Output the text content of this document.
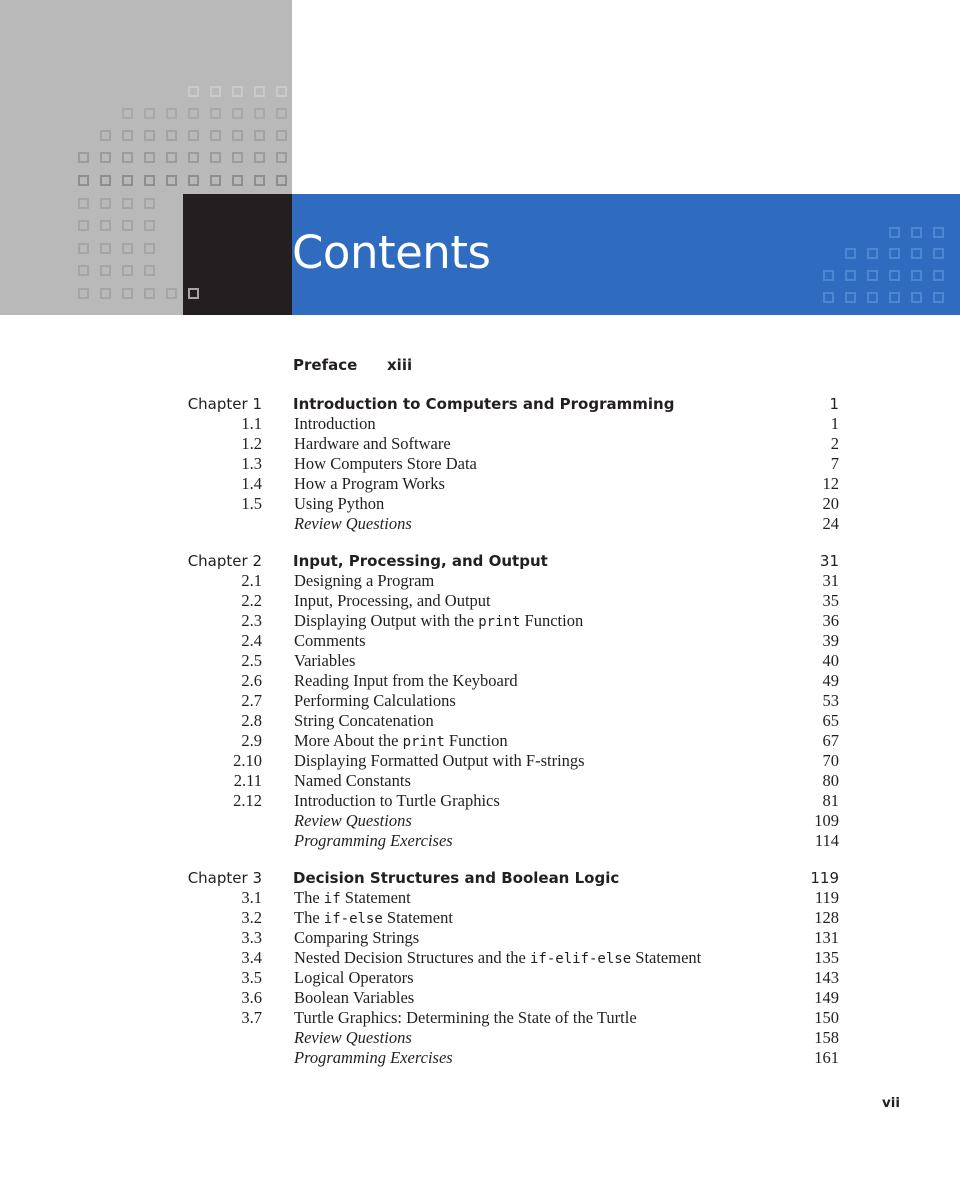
Contents
Preface xiii
Chapter 1 Introduction to Computers and Programming	1
1.1 Introduction	1
1.2 Hardware and Software	2
1.3 How Computers Store Data	7
1.4 How a Program Works	12
1.5 Using Python	20
Review Questions	24
Chapter 2 Input, Processing, and Output	31
2.1 Designing a Program	31
2.2 Input, Processing, and Output	35
2.3 Displaying Output with the print Function	36
2.4 Comments	39
2.5 Variables	40
2.6 Reading Input from the Keyboard	49
2.7 Performing Calculations	53
2.8 String Concatenation	65
2.9 More About the print Function	67
2.10 Displaying Formatted Output with F-strings	70
2.11 Named Constants	80
2.12 Introduction to Turtle Graphics	81
Review Questions	109
Programming Exercises	114
Chapter 3 Decision Structures and Boolean Logic	119
3.1 The if Statement	119
3.2 The if-else Statement	128
3.3 Comparing Strings	131
3.4 Nested Decision Structures and the if-elif-else Statement	135
3.5 Logical Operators	143
3.6 Boolean Variables	149
3.7 Turtle Graphics: Determining the State of the Turtle	150
Review Questions	158
Programming Exercises	161
vii
